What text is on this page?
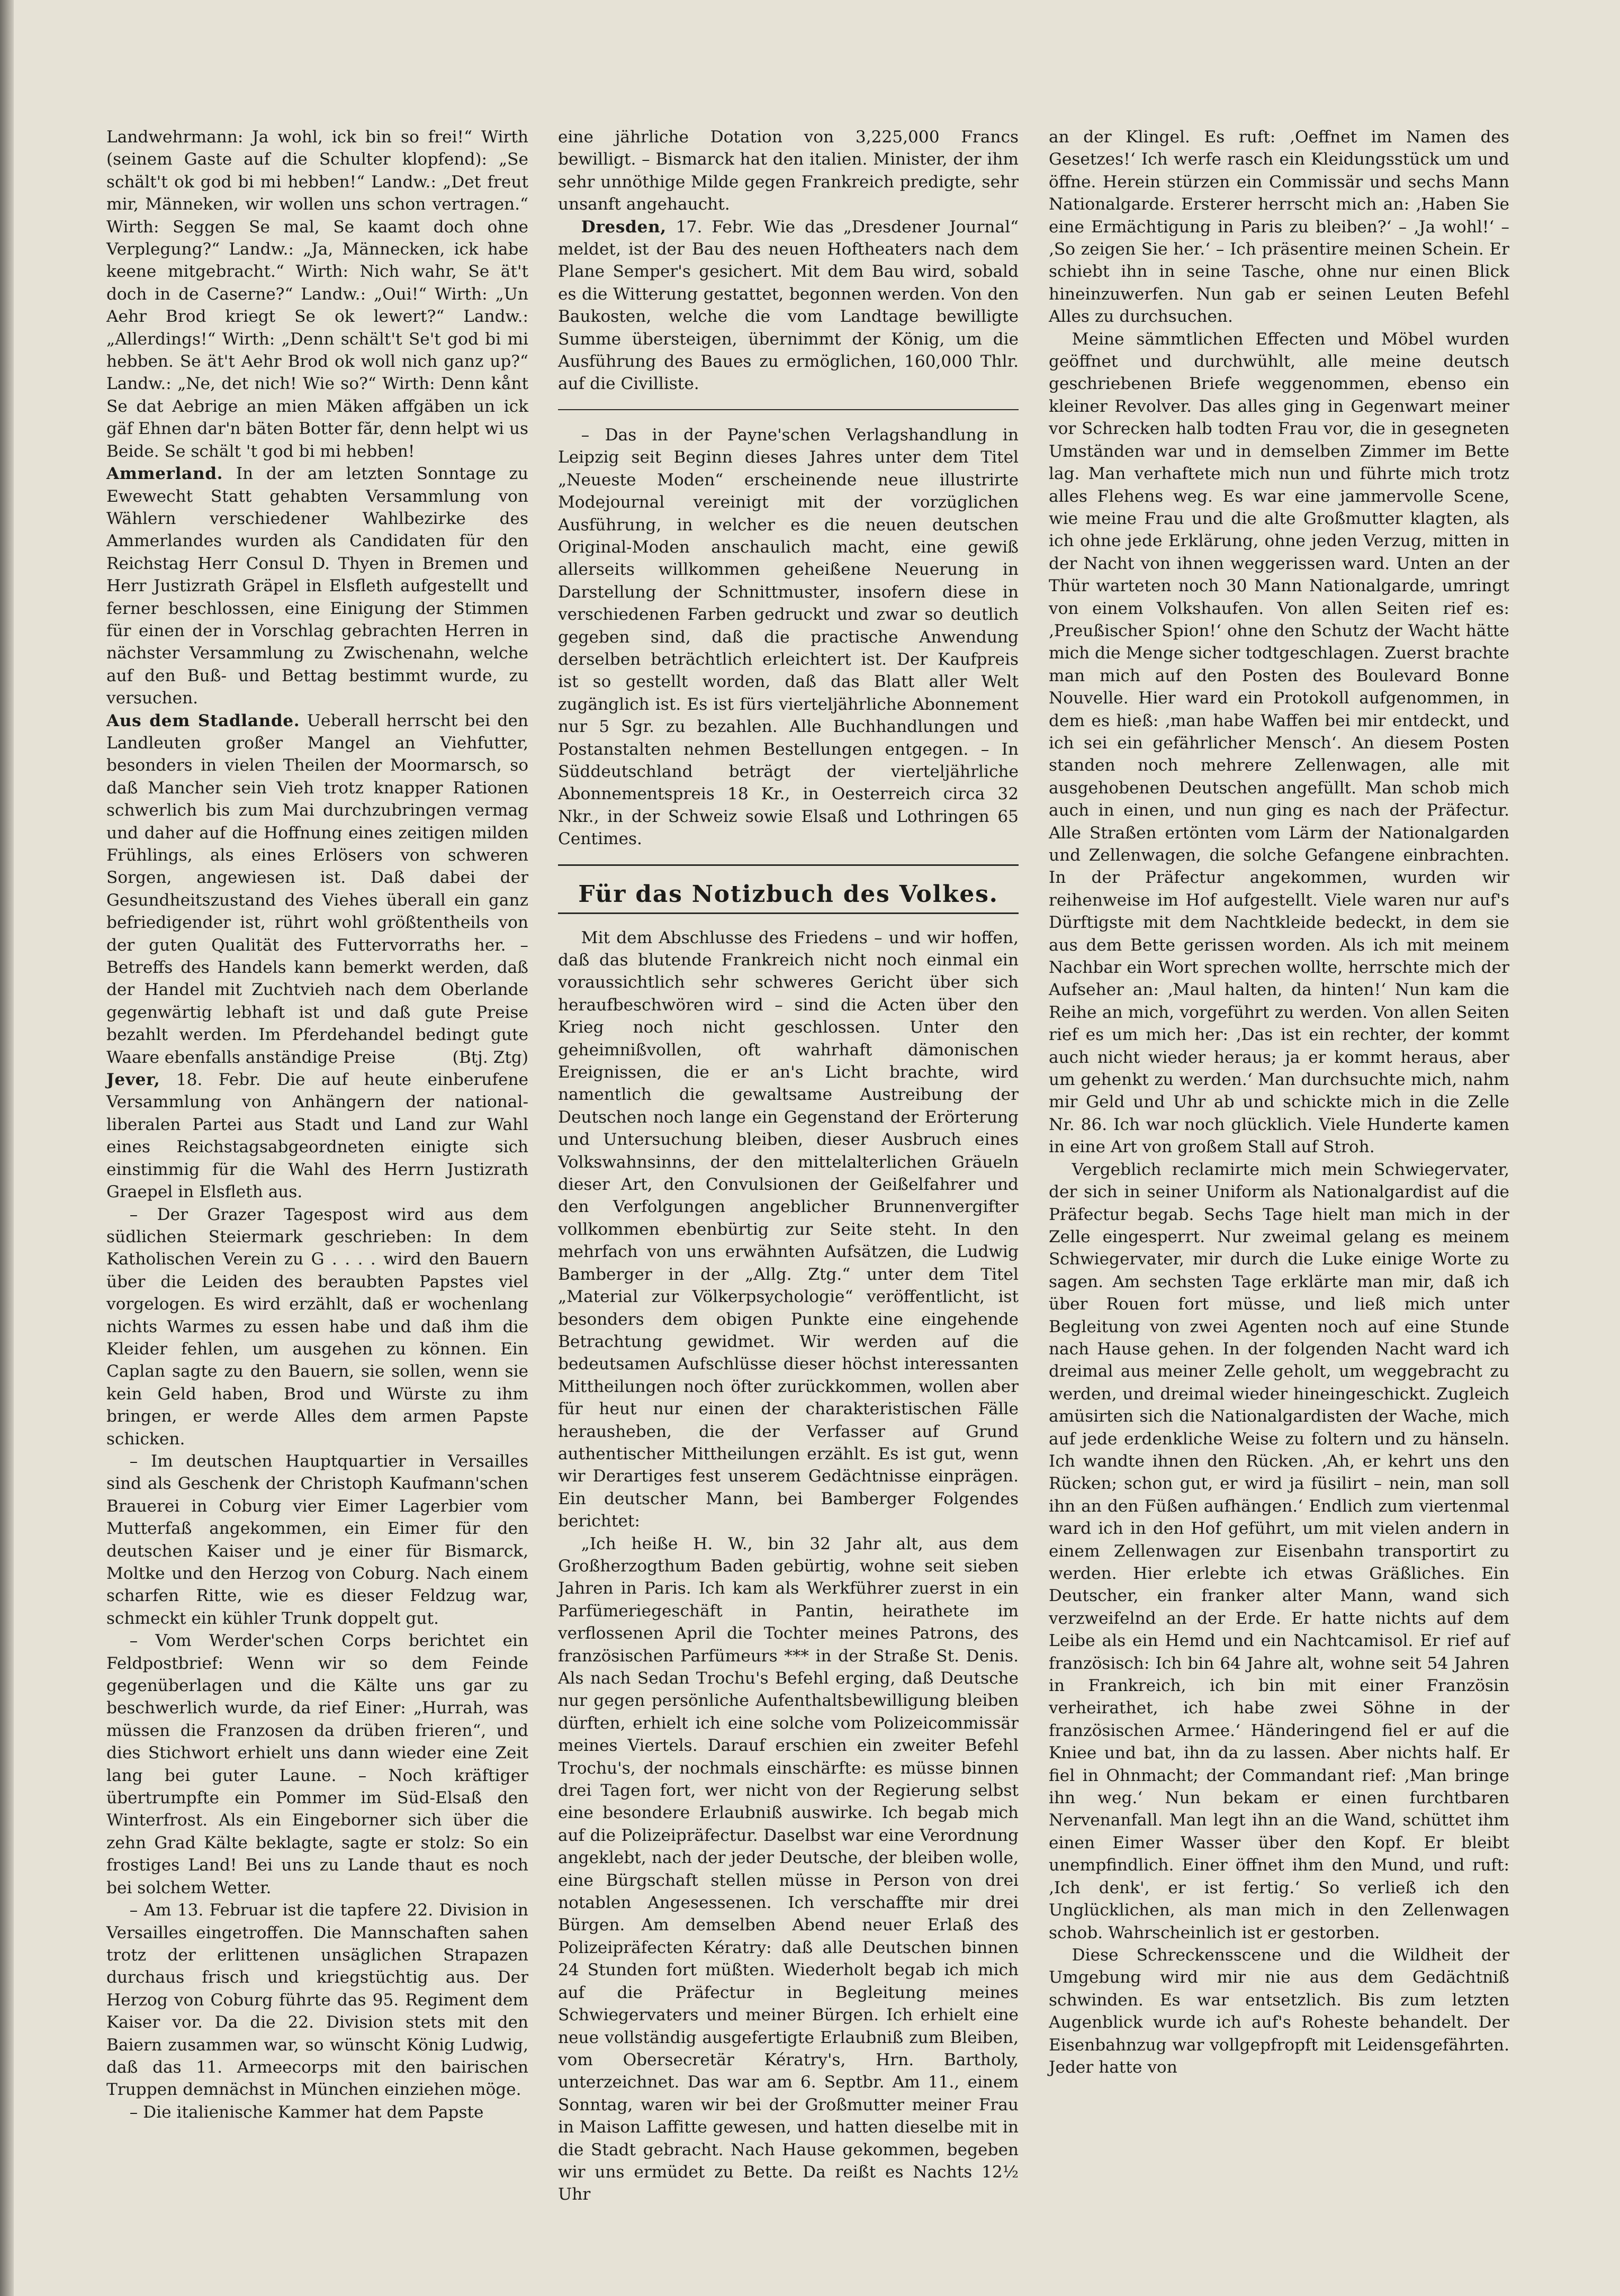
Landwehrmann: Ja wohl, ick bin so frei!“ Wirth (seinem Gaste auf die Schulter klopfend): „Se schält't ok god bi mi hebben!“ Landw.: „Det freut mir, Männeken, wir wollen uns schon vertragen.“ Wirth: Seggen Se mal, Se kaamt doch ohne Verplegung?“ Landw.: „Ja, Männecken, ick habe keene mitgebracht.“ Wirth: Nich wahr, Se ät't doch in de Caserne?“ Landw.: „Oui!“ Wirth: „Un Aehr Brod kriegt Se ok lewert?“ Landw.: „Allerdings!“ Wirth: „Denn schält't Se't god bi mi hebben. Se ät't Aehr Brod ok woll nich ganz up?“ Landw.: „Ne, det nich! Wie so?“ Wirth: Denn kånt Se dat Aebrige an mien Mäken affgäben un ick gäf Ehnen dar'n bäten Botter făr, denn helpt wi us Beide. Se schält 't god bi mi hebben!

Ammerland. In der am letzten Sonntage zu Ewewecht Statt gehabten Versammlung von Wählern verschiedener Wahlbezirke des Ammerlandes wurden als Candidaten für den Reichstag Herr Consul D. Thyen in Bremen und Herr Justizrath Gräpel in Elsfleth aufgestellt und ferner beschlossen, eine Einigung der Stimmen für einen der in Vorschlag gebrachten Herren in nächster Versammlung zu Zwischenahn, welche auf den Buß- und Bettag bestimmt wurde, zu versuchen.

Aus dem Stadlande. Ueberall herrscht bei den Landleuten großer Mangel an Viehfutter, besonders in vielen Theilen der Moormarsch, so daß Mancher sein Vieh trotz knapper Rationen schwerlich bis zum Mai durchzubringen vermag und daher auf die Hoffnung eines zeitigen milden Frühlings, als eines Erlösers von schweren Sorgen, angewiesen ist. Daß dabei der Gesundheitszustand des Viehes überall ein ganz befriedigender ist, rührt wohl größtentheils von der guten Qualität des Futtervorraths her. – Betreffs des Handels kann bemerkt werden, daß der Handel mit Zuchtvieh nach dem Oberlande gegenwärtig lebhaft ist und daß gute Preise bezahlt werden. Im Pferdehandel bedingt gute Waare ebenfalls anständige Preise	(Btj. Ztg)

Jever, 18. Febr. Die auf heute einberufene Versammlung von Anhängern der national-liberalen Partei aus Stadt und Land zur Wahl eines Reichstagsabgeordneten einigte sich einstimmig für die Wahl des Herrn Justizrath Graepel in Elsfleth aus.

– Der Grazer Tagespost wird aus dem südlichen Steiermark geschrieben: In dem Katholischen Verein zu G . . . . wird den Bauern über die Leiden des beraubten Papstes viel vorgelogen. Es wird erzählt, daß er wochenlang nichts Warmes zu essen habe und daß ihm die Kleider fehlen, um ausgehen zu können. Ein Caplan sagte zu den Bauern, sie sollen, wenn sie kein Geld haben, Brod und Würste zu ihm bringen, er werde Alles dem armen Papste schicken.

– Im deutschen Hauptquartier in Versailles sind als Geschenk der Christoph Kaufmann'schen Brauerei in Coburg vier Eimer Lagerbier vom Mutterfaß angekommen, ein Eimer für den deutschen Kaiser und je einer für Bismarck, Moltke und den Herzog von Coburg. Nach einem scharfen Ritte, wie es dieser Feldzug war, schmeckt ein kühler Trunk doppelt gut.

– Vom Werder'schen Corps berichtet ein Feldpostbrief: Wenn wir so dem Feinde gegenüberlagen und die Kälte uns gar zu beschwerlich wurde, da rief Einer: „Hurrah, was müssen die Franzosen da drüben frieren“, und dies Stichwort erhielt uns dann wieder eine Zeit lang bei guter Laune. – Noch kräftiger übertrumpfte ein Pommer im Süd-Elsaß den Winterfrost. Als ein Eingeborner sich über die zehn Grad Kälte beklagte, sagte er stolz: So ein frostiges Land! Bei uns zu Lande thaut es noch bei solchem Wetter.

– Am 13. Februar ist die tapfere 22. Division in Versailles eingetroffen. Die Mannschaften sahen trotz der erlittenen unsäglichen Strapazen durchaus frisch und kriegstüchtig aus. Der Herzog von Coburg führte das 95. Regiment dem Kaiser vor. Da die 22. Division stets mit den Baiern zusammen war, so wünscht König Ludwig, daß das 11. Armeecorps mit den bairischen Truppen demnächst in München einziehen möge.

– Die italienische Kammer hat dem Papste

eine jährliche Dotation von 3,225,000 Francs bewilligt. – Bismarck hat den italien. Minister, der ihm sehr unnöthige Milde gegen Frankreich predigte, sehr unsanft angehaucht.

Dresden, 17. Febr. Wie das „Dresdener Journal“ meldet, ist der Bau des neuen Hoftheaters nach dem Plane Semper's gesichert. Mit dem Bau wird, sobald es die Witterung gestattet, begonnen werden. Von den Baukosten, welche die vom Landtage bewilligte Summe übersteigen, übernimmt der König, um die Ausführung des Baues zu ermöglichen, 160,000 Thlr. auf die Civilliste.

– Das in der Payne'schen Verlagshandlung in Leipzig seit Beginn dieses Jahres unter dem Titel „Neueste Moden“ erscheinende neue illustrirte Modejournal vereinigt mit der vorzüglichen Ausführung, in welcher es die neuen deutschen Original-Moden anschaulich macht, eine gewiß allerseits willkommen geheißene Neuerung in Darstellung der Schnittmuster, insofern diese in verschiedenen Farben gedruckt und zwar so deutlich gegeben sind, daß die practische Anwendung derselben beträchtlich erleichtert ist. Der Kaufpreis ist so gestellt worden, daß das Blatt aller Welt zugänglich ist. Es ist fürs vierteljährliche Abonnement nur 5 Sgr. zu bezahlen. Alle Buchhandlungen und Postanstalten nehmen Bestellungen entgegen. – In Süddeutschland beträgt der vierteljährliche Abonnementspreis 18 Kr., in Oesterreich circa 32 Nkr., in der Schweiz sowie Elsaß und Lothringen 65 Centimes.

Für das Notizbuch des Volkes.

Mit dem Abschlusse des Friedens – und wir hoffen, daß das blutende Frankreich nicht noch einmal ein voraussichtlich sehr schweres Gericht über sich heraufbeschwören wird – sind die Acten über den Krieg noch nicht geschlossen. Unter den geheimnißvollen, oft wahrhaft dämonischen Ereignissen, die er an's Licht brachte, wird namentlich die gewaltsame Austreibung der Deutschen noch lange ein Gegenstand der Erörterung und Untersuchung bleiben, dieser Ausbruch eines Volkswahnsinns, der den mittelalterlichen Gräueln dieser Art, den Convulsionen der Geißelfahrer und den Verfolgungen angeblicher Brunnenvergifter vollkommen ebenbürtig zur Seite steht. In den mehrfach von uns erwähnten Aufsätzen, die Ludwig Bamberger in der „Allg. Ztg.“ unter dem Titel „Material zur Völkerpsychologie“ veröffentlicht, ist besonders dem obigen Punkte eine eingehende Betrachtung gewidmet. Wir werden auf die bedeutsamen Aufschlüsse dieser höchst interessanten Mittheilungen noch öfter zurückkommen, wollen aber für heut nur einen der charakteristischen Fälle herausheben, die der Verfasser auf Grund authentischer Mittheilungen erzählt. Es ist gut, wenn wir Derartiges fest unserem Gedächtnisse einprägen. Ein deutscher Mann, bei Bamberger Folgendes berichtet:

„Ich heiße H. W., bin 32 Jahr alt, aus dem Großherzogthum Baden gebürtig, wohne seit sieben Jahren in Paris. Ich kam als Werkführer zuerst in ein Parfümeriegeschäft in Pantin, heirathete im verflossenen April die Tochter meines Patrons, des französischen Parfümeurs *** in der Straße St. Denis. Als nach Sedan Trochu's Befehl erging, daß Deutsche nur gegen persönliche Aufenthaltsbewilligung bleiben dürften, erhielt ich eine solche vom Polizeicommissär meines Viertels. Darauf erschien ein zweiter Befehl Trochu's, der nochmals einschärfte: es müsse binnen drei Tagen fort, wer nicht von der Regierung selbst eine besondere Erlaubniß auswirke. Ich begab mich auf die Polizeipräfectur. Daselbst war eine Verordnung angeklebt, nach der jeder Deutsche, der bleiben wolle, eine Bürgschaft stellen müsse in Person von drei notablen Angesessenen. Ich verschaffte mir drei Bürgen. Am demselben Abend neuer Erlaß des Polizeipräfecten Kératry: daß alle Deutschen binnen 24 Stunden fort müßten. Wiederholt begab ich mich auf die Präfectur in Begleitung meines Schwiegervaters und meiner Bürgen. Ich erhielt eine neue vollständig ausgefertigte Erlaubniß zum Bleiben, vom Obersecretär Kératry's, Hrn. Bartholy, unterzeichnet. Das war am 6. Septbr. Am 11., einem Sonntag, waren wir bei der Großmutter meiner Frau in Maison Laffitte gewesen, und hatten dieselbe mit in die Stadt gebracht. Nach Hause gekommen, begeben wir uns ermüdet zu Bette. Da reißt es Nachts 12½ Uhr

an der Klingel. Es ruft: ‚Oeffnet im Namen des Gesetzes!‘ Ich werfe rasch ein Kleidungsstück um und öffne. Herein stürzen ein Commissär und sechs Mann Nationalgarde. Ersterer herrscht mich an: ‚Haben Sie eine Ermächtigung in Paris zu bleiben?‘ – ‚Ja wohl!‘ – ‚So zeigen Sie her.‘ – Ich präsentire meinen Schein. Er schiebt ihn in seine Tasche, ohne nur einen Blick hineinzuwerfen. Nun gab er seinen Leuten Befehl Alles zu durchsuchen.

Meine sämmtlichen Effecten und Möbel wurden geöffnet und durchwühlt, alle meine deutsch geschriebenen Briefe weggenommen, ebenso ein kleiner Revolver. Das alles ging in Gegenwart meiner vor Schrecken halb todten Frau vor, die in gesegneten Umständen war und in demselben Zimmer im Bette lag. Man verhaftete mich nun und führte mich trotz alles Flehens weg. Es war eine jammervolle Scene, wie meine Frau und die alte Großmutter klagten, als ich ohne jede Erklärung, ohne jeden Verzug, mitten in der Nacht von ihnen weggerissen ward. Unten an der Thür warteten noch 30 Mann Nationalgarde, umringt von einem Volkshaufen. Von allen Seiten rief es: ‚Preußischer Spion!‘ ohne den Schutz der Wacht hätte mich die Menge sicher todtgeschlagen. Zuerst brachte man mich auf den Posten des Boulevard Bonne Nouvelle. Hier ward ein Protokoll aufgenommen, in dem es hieß: ‚man habe Waffen bei mir entdeckt, und ich sei ein gefährlicher Mensch‘. An diesem Posten standen noch mehrere Zellenwagen, alle mit ausgehobenen Deutschen angefüllt. Man schob mich auch in einen, und nun ging es nach der Präfectur. Alle Straßen ertönten vom Lärm der Nationalgarden und Zellenwagen, die solche Gefangene einbrachten. In der Präfectur angekommen, wurden wir reihenweise im Hof aufgestellt. Viele waren nur auf's Dürftigste mit dem Nachtkleide bedeckt, in dem sie aus dem Bette gerissen worden. Als ich mit meinem Nachbar ein Wort sprechen wollte, herrschte mich der Aufseher an: ‚Maul halten, da hinten!‘ Nun kam die Reihe an mich, vorgeführt zu werden. Von allen Seiten rief es um mich her: ‚Das ist ein rechter, der kommt auch nicht wieder heraus; ja er kommt heraus, aber um gehenkt zu werden.‘ Man durchsuchte mich, nahm mir Geld und Uhr ab und schickte mich in die Zelle Nr. 86. Ich war noch glücklich. Viele Hunderte kamen in eine Art von großem Stall auf Stroh.

Vergeblich reclamirte mich mein Schwiegervater, der sich in seiner Uniform als Nationalgardist auf die Präfectur begab. Sechs Tage hielt man mich in der Zelle eingesperrt. Nur zweimal gelang es meinem Schwiegervater, mir durch die Luke einige Worte zu sagen. Am sechsten Tage erklärte man mir, daß ich über Rouen fort müsse, und ließ mich unter Begleitung von zwei Agenten noch auf eine Stunde nach Hause gehen. In der folgenden Nacht ward ich dreimal aus meiner Zelle geholt, um weggebracht zu werden, und dreimal wieder hineingeschickt. Zugleich amüsirten sich die Nationalgardisten der Wache, mich auf jede erdenkliche Weise zu foltern und zu hänseln. Ich wandte ihnen den Rücken. ‚Ah, er kehrt uns den Rücken; schon gut, er wird ja füsilirt – nein, man soll ihn an den Füßen aufhängen.‘ Endlich zum viertenmal ward ich in den Hof geführt, um mit vielen andern in einem Zellenwagen zur Eisenbahn transportirt zu werden. Hier erlebte ich etwas Gräßliches. Ein Deutscher, ein franker alter Mann, wand sich verzweifelnd an der Erde. Er hatte nichts auf dem Leibe als ein Hemd und ein Nachtcamisol. Er rief auf französisch: Ich bin 64 Jahre alt, wohne seit 54 Jahren in Frankreich, ich bin mit einer Französin verheirathet, ich habe zwei Söhne in der französischen Armee.‘ Händeringend fiel er auf die Kniee und bat, ihn da zu lassen. Aber nichts half. Er fiel in Ohnmacht; der Commandant rief: ‚Man bringe ihn weg.‘ Nun bekam er einen furchtbaren Nervenanfall. Man legt ihn an die Wand, schüttet ihm einen Eimer Wasser über den Kopf. Er bleibt unempfindlich. Einer öffnet ihm den Mund, und ruft: ‚Ich denk', er ist fertig.‘ So verließ ich den Unglücklichen, als man mich in den Zellenwagen schob. Wahrscheinlich ist er gestorben.

Diese Schreckensscene und die Wildheit der Umgebung wird mir nie aus dem Gedächtniß schwinden. Es war entsetzlich. Bis zum letzten Augenblick wurde ich auf's Roheste behandelt. Der Eisenbahnzug war vollgepfropft mit Leidensgefährten. Jeder hatte von
